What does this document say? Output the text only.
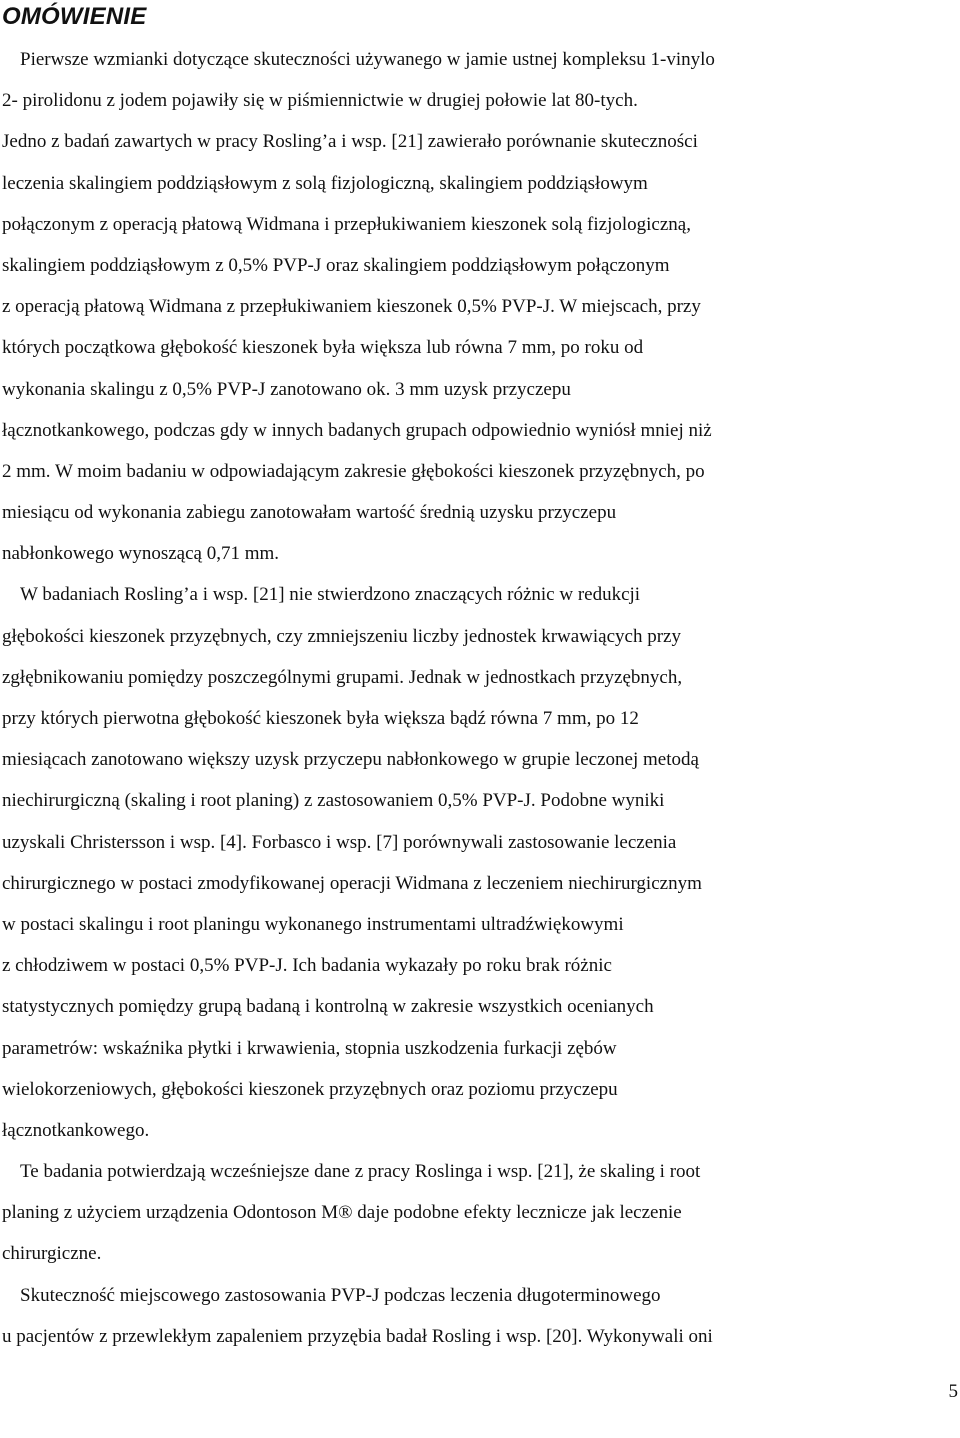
OMÓWIENIE
Pierwsze wzmianki dotyczące skuteczności używanego w jamie ustnej kompleksu 1-vinylo
2- pirolidonu z jodem pojawiły się w piśmiennictwie w drugiej połowie lat 80-tych.
Jedno z badań zawartych w pracy Rosling’a i wsp. [21] zawierało porównanie skuteczności
leczenia skalingiem poddziąsłowym z solą fizjologiczną, skalingiem poddziąsłowym
połączonym z operacją płatową Widmana i przepłukiwaniem kieszonek solą fizjologiczną,
skalingiem poddziąsłowym z 0,5% PVP-J oraz skalingiem poddziąsłowym połączonym
z operacją płatową Widmana z przepłukiwaniem kieszonek 0,5% PVP-J. W miejscach, przy
których początkowa głębokość kieszonek była większa lub równa 7 mm, po roku od
wykonania skalingu z 0,5% PVP-J zanotowano ok. 3 mm uzysk przyczepu
łącznotkankowego, podczas gdy w innych badanych grupach odpowiednio wyniósł mniej niż
2 mm. W moim badaniu w odpowiadającym zakresie głębokości kieszonek przyzębnych, po
miesiącu od wykonania zabiegu zanotowałam wartość średnią uzysku przyczepu
nabłonkowego wynoszącą 0,71 mm.
W badaniach Rosling’a i wsp. [21] nie stwierdzono znaczących różnic w redukcji
głębokości kieszonek przyzębnych, czy zmniejszeniu liczby jednostek krwawiących przy
zgłębnikowaniu pomiędzy poszczególnymi grupami. Jednak w jednostkach przyzębnych,
przy których pierwotna głębokość kieszonek była większa bądź równa 7 mm, po 12
miesiącach zanotowano większy uzysk przyczepu nabłonkowego w grupie leczonej metodą
niechirurgiczną (skaling i root planing) z zastosowaniem 0,5% PVP-J. Podobne wyniki
uzyskali Christersson i wsp. [4]. Forbasco i wsp. [7] porównywali zastosowanie leczenia
chirurgicznego w postaci zmodyfikowanej operacji Widmana z leczeniem niechirurgicznym
w postaci skalingu i root planingu wykonanego instrumentami ultradźwiękowymi
z chłodziwem w postaci 0,5% PVP-J. Ich badania wykazały po roku brak różnic
statystycznych pomiędzy grupą badaną i kontrolną w zakresie wszystkich ocenianych
parametrów: wskaźnika płytki i krwawienia, stopnia uszkodzenia furkacji zębów
wielokorzeniowych, głębokości kieszonek przyzębnych oraz poziomu przyczepu
łącznotkankowego.
Te badania potwierdzają wcześniejsze dane z pracy Roslinga i wsp. [21], że skaling i root
planing z użyciem urządzenia Odontoson M® daje podobne efekty lecznicze jak leczenie
chirurgiczne.
Skuteczność miejscowego zastosowania PVP-J podczas leczenia długoterminowego
u pacjentów z przewlekłym zapaleniem przyzębia badał Rosling i wsp. [20]. Wykonywali oni
5
